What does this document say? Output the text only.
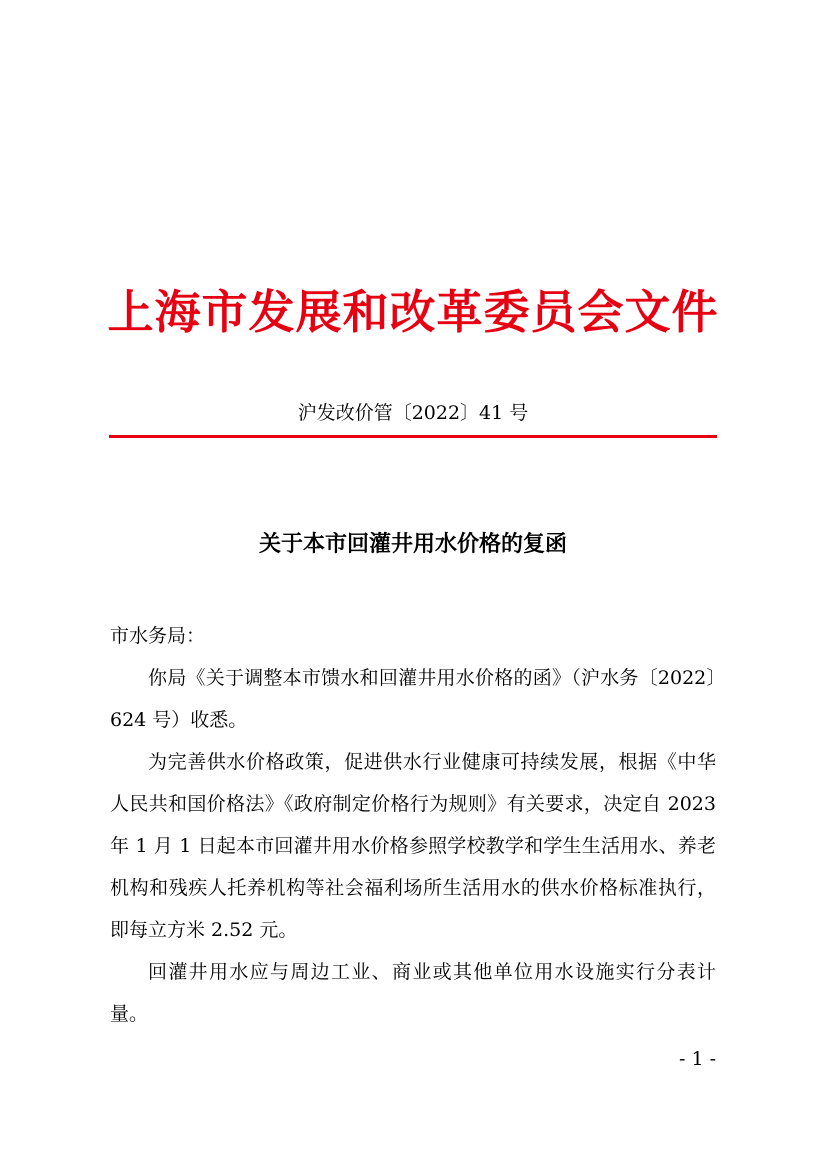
上海市发展和改革委员会文件
沪发改价管〔2022〕41 号
关于本市回灌井用水价格的复函

市水务局：

你局《关于调整本市馈水和回灌井用水价格的函》（沪水务〔2022〕624 号）收悉。

为完善供水价格政策，促进供水行业健康可持续发展，根据《中华人民共和国价格法》《政府制定价格行为规则》有关要求，决定自 2023 年 1 月 1 日起本市回灌井用水价格参照学校教学和学生生活用水、养老机构和残疾人托养机构等社会福利场所生活用水的供水价格标准执行，即每立方米 2.52 元。

回灌井用水应与周边工业、商业或其他单位用水设施实行分表计量。

- 1 -
